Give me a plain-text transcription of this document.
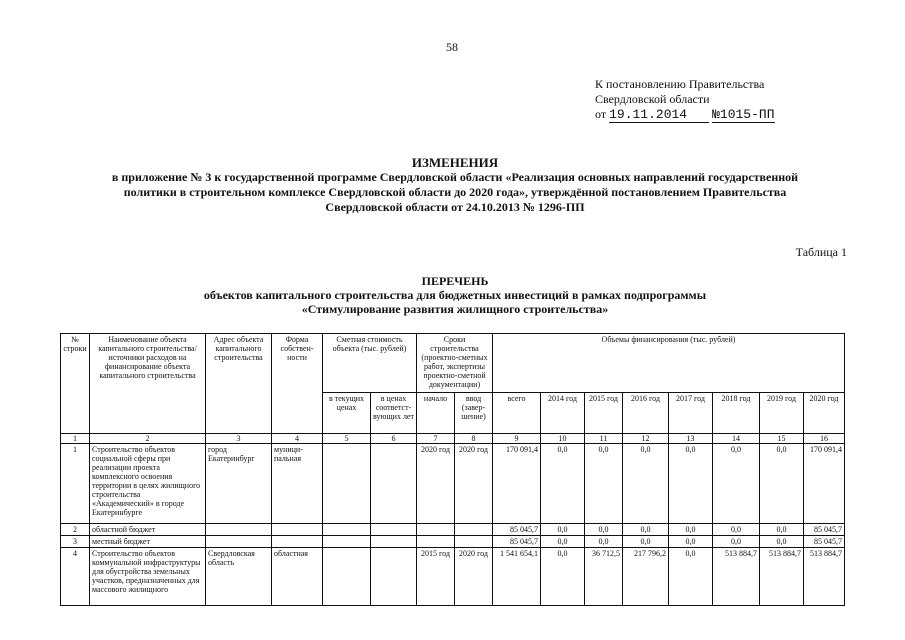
58
К постановлению Правительства
Свердловской области
от 19.11.2014 №1015-ПП
ИЗМЕНЕНИЯ
в приложение № 3 к государственной программе Свердловской области «Реализация основных направлений государственной
политики в строительном комплексе Свердловской области до 2020 года», утверждённой постановлением Правительства
Свердловской области от 24.10.2013 № 1296-ПП
Таблица 1
ПЕРЕЧЕНЬ
объектов капитального строительства для бюджетных инвестиций в рамках подпрограммы
«Стимулирование развития жилищного строительства»
№ строки	Наименование объекта капитального строительства/ источники расходов на финансирование объекта капитального строительства	Адрес объекта капитального строительства	Форма собствен-ности	Сметная стоимость объекта (тыс. рублей)		Сроки строительства (проектно-сметных работ, экспертизы проектно-сметной документации)		Объемы финансирования (тыс. рублей)							
				в текущих ценах	в ценах соответст-вующих лет	начало	ввод (завер-шение)	всего	2014 год	2015 год	2016 год	2017 год	2018 год	2019 год	2020 год
1	2	3	4	5	6	7	8	9	10	11	12	13	14	15	16
1	Строительство объектов социальной сферы при реализации проекта комплексного освоения территории в целях жилищного строительства «Академический» в городе Екатеринбурге	город Екатеринбург	муници-пальная			2020 год	2020 год	170 091,4	0,0	0,0	0,0	0,0	0,0	0,0	170 091,4
2	областной бюджет							85 045,7	0,0	0,0	0,0	0,0	0,0	0,0	85 045,7
3	местный бюджет							85 045,7	0,0	0,0	0,0	0,0	0,0	0,0	85 045,7
4	Строительство объектов коммунальной инфраструктуры для обустройства земельных участков, предназначенных для массового жилищного	Свердловская область	областная			2015 год	2020 год	1 541 654,1	0,0	36 712,5	217 796,2	0,0	513 884,7	513 884,7	513 884,7
